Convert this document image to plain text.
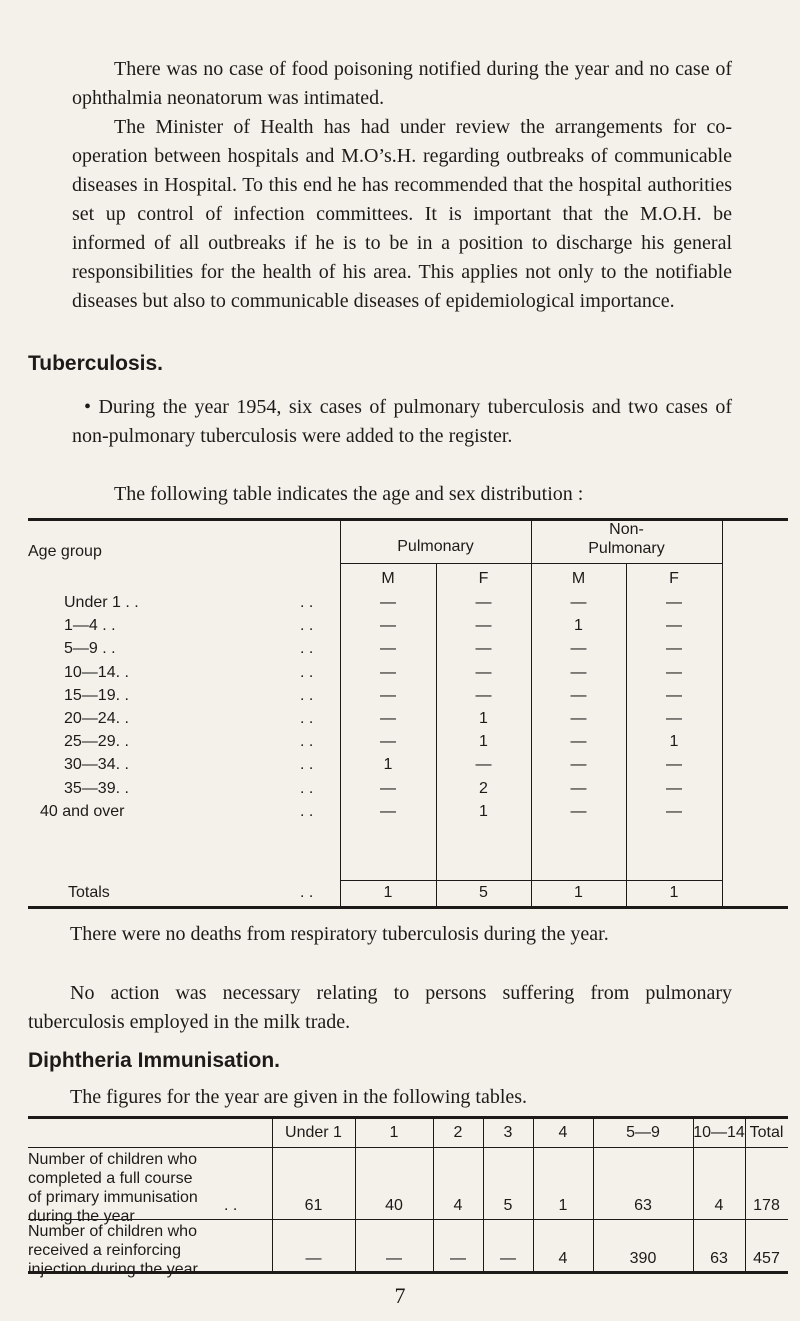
There was no case of food poisoning notified during the year and no case of ophthalmia neonatorum was intimated.

The Minister of Health has had under review the arrangements for co-operation between hospitals and M.O’s.H. regarding outbreaks of communicable diseases in Hospital. To this end he has recommended that the hospital authorities set up control of infection committees. It is important that the M.O.H. be informed of all outbreaks if he is to be in a position to discharge his general responsibilities for the health of his area. This applies not only to the notifiable diseases but also to communicable diseases of epidemiological importance.

Tuberculosis.

• During the year 1954, six cases of pulmonary tuberculosis and two cases of non-pulmonary tuberculosis were added to the register.

The following table indicates the age and sex distribution :

Age group	Pulmonary
Non-
Pulmonary
M	F	M	F
Under 1 . .	. .	—	—	—	—
1—4 . .	. .	—	—	1	—
5—9 . .	. .	—	—	—	—
10—14. .	. .	—	—	—	—
15—19. .	. .	—	—	—	—
20—24. .	. .	—	1	—	—
25—29. .	. .	—	1	—	1
30—34. .	. .	1	—	—	—
35—39. .	. .	—	2	—	—
40 and over	. .	—	1	—	—
Totals	. .	1	5	1	1

There were no deaths from respiratory tuberculosis during the year.

No action was necessary relating to persons suffering from pulmonary tuberculosis employed in the milk trade.

Diphtheria Immunisation.

The figures for the year are given in the following tables.

Under 1	1	2	3	4	5—9	10—14 Total
Number of children who
completed a full course
of primary immunisation
during the year
. .	61	40	4	5	1	63	4	178
Number of children who
received a reinforcing
injection during the year
—	—	—	—	4	390	63	457
7
